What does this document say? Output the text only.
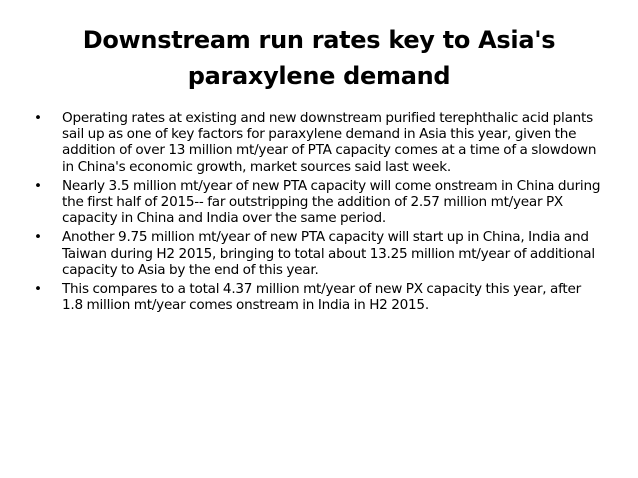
Downstream run rates key to Asia's
paraxylene demand
• Operating rates at existing and new downstream purified terephthalic acid plants sail up as one of key factors for paraxylene demand in Asia this year, given the addition of over 13 million mt/year of PTA capacity comes at a time of a slowdown in China's economic growth, market sources said last week.
• Nearly 3.5 million mt/year of new PTA capacity will come onstream in China during the first half of 2015-- far outstripping the addition of 2.57 million mt/year PX capacity in China and India over the same period.
• Another 9.75 million mt/year of new PTA capacity will start up in China, India and Taiwan during H2 2015, bringing to total about 13.25 million mt/year of additional capacity to Asia by the end of this year.
• This compares to a total 4.37 million mt/year of new PX capacity this year, after 1.8 million mt/year comes onstream in India in H2 2015.
